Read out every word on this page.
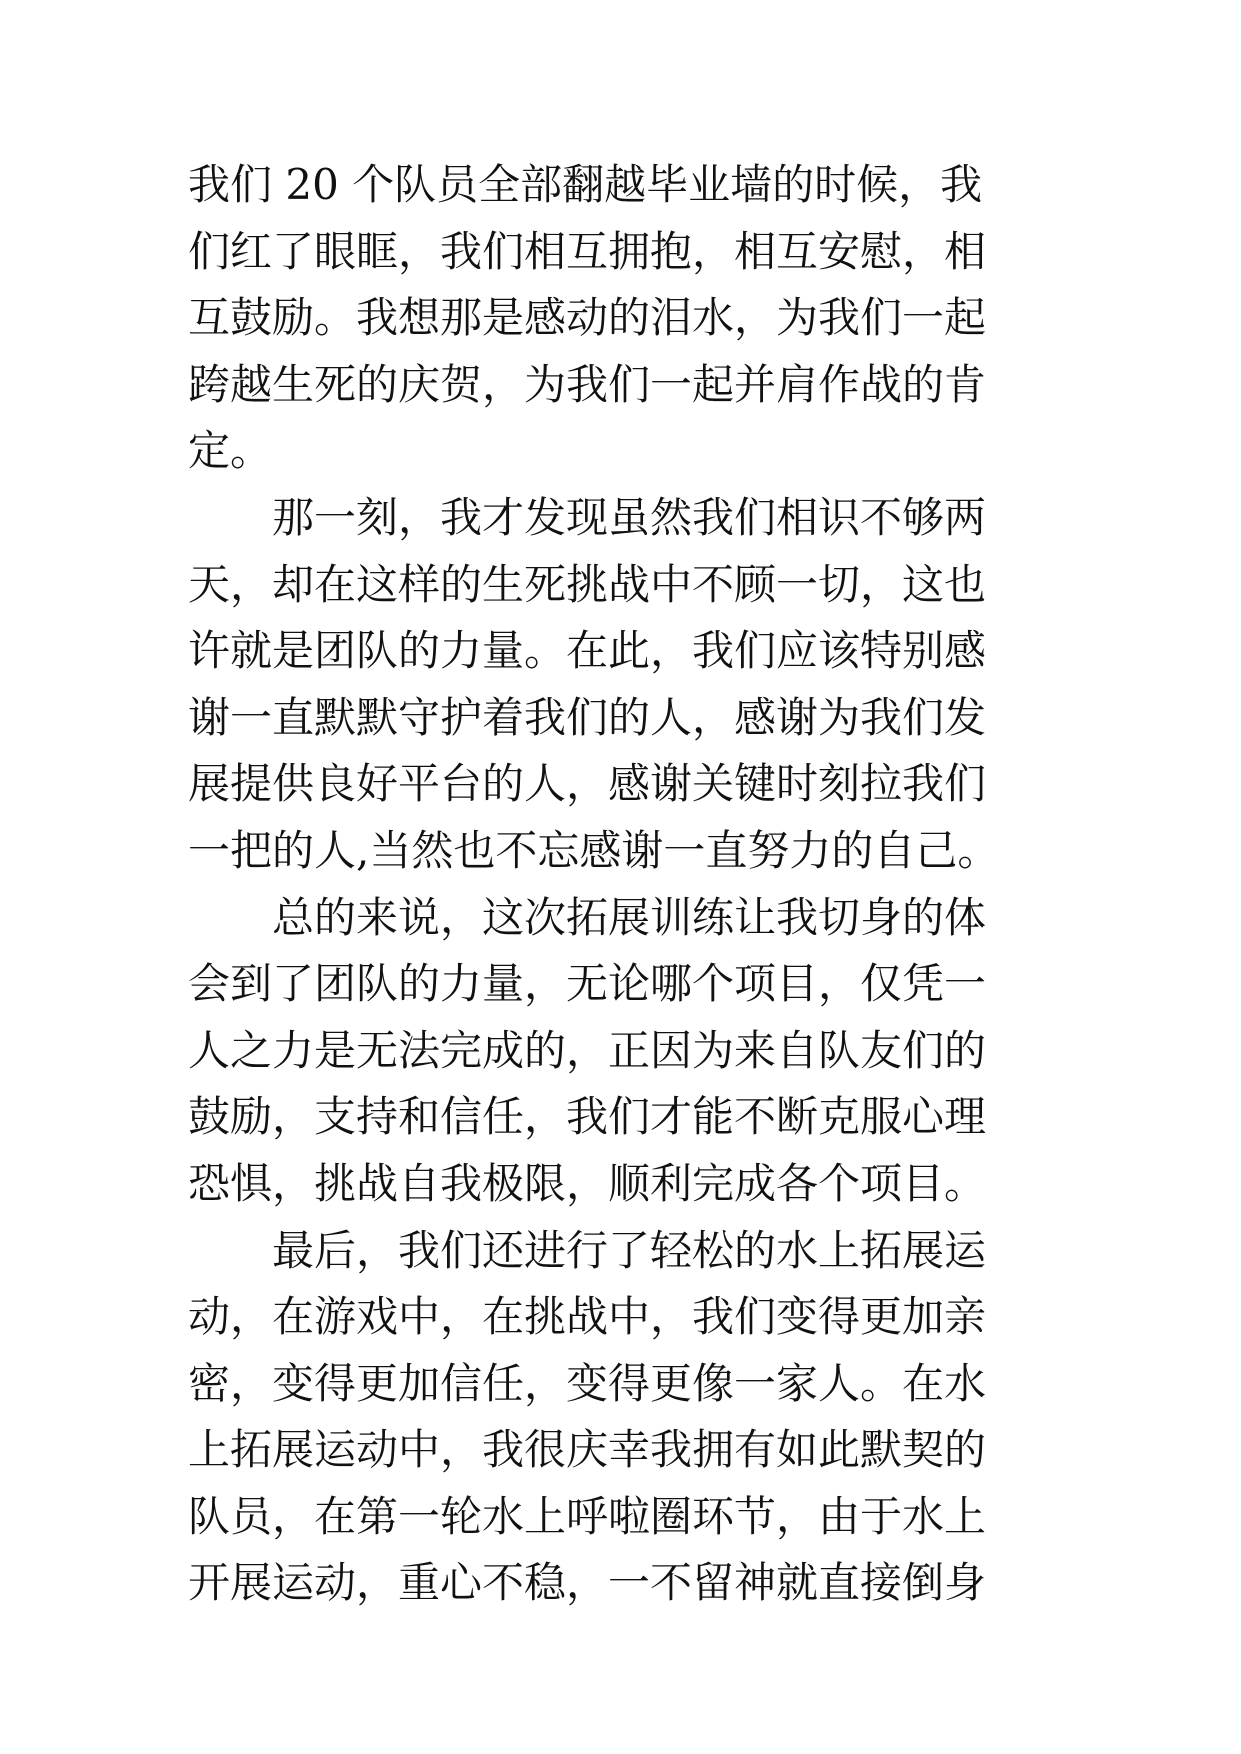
我们 20 个队员全部翻越毕业墙的时候，我
们红了眼眶，我们相互拥抱，相互安慰，相
互鼓励。我想那是感动的泪水，为我们一起
跨越生死的庆贺，为我们一起并肩作战的肯
定。
　　那一刻，我才发现虽然我们相识不够两
天，却在这样的生死挑战中不顾一切，这也
许就是团队的力量。在此，我们应该特别感
谢一直默默守护着我们的人，感谢为我们发
展提供良好平台的人，感谢关键时刻拉我们
一把的人,当然也不忘感谢一直努力的自己。
　　总的来说，这次拓展训练让我切身的体
会到了团队的力量，无论哪个项目，仅凭一
人之力是无法完成的，正因为来自队友们的
鼓励，支持和信任，我们才能不断克服心理
恐惧，挑战自我极限，顺利完成各个项目。
　　最后，我们还进行了轻松的水上拓展运
动，在游戏中，在挑战中，我们变得更加亲
密，变得更加信任，变得更像一家人。在水
上拓展运动中，我很庆幸我拥有如此默契的
队员，在第一轮水上呼啦圈环节，由于水上
开展运动，重心不稳，一不留神就直接倒身
